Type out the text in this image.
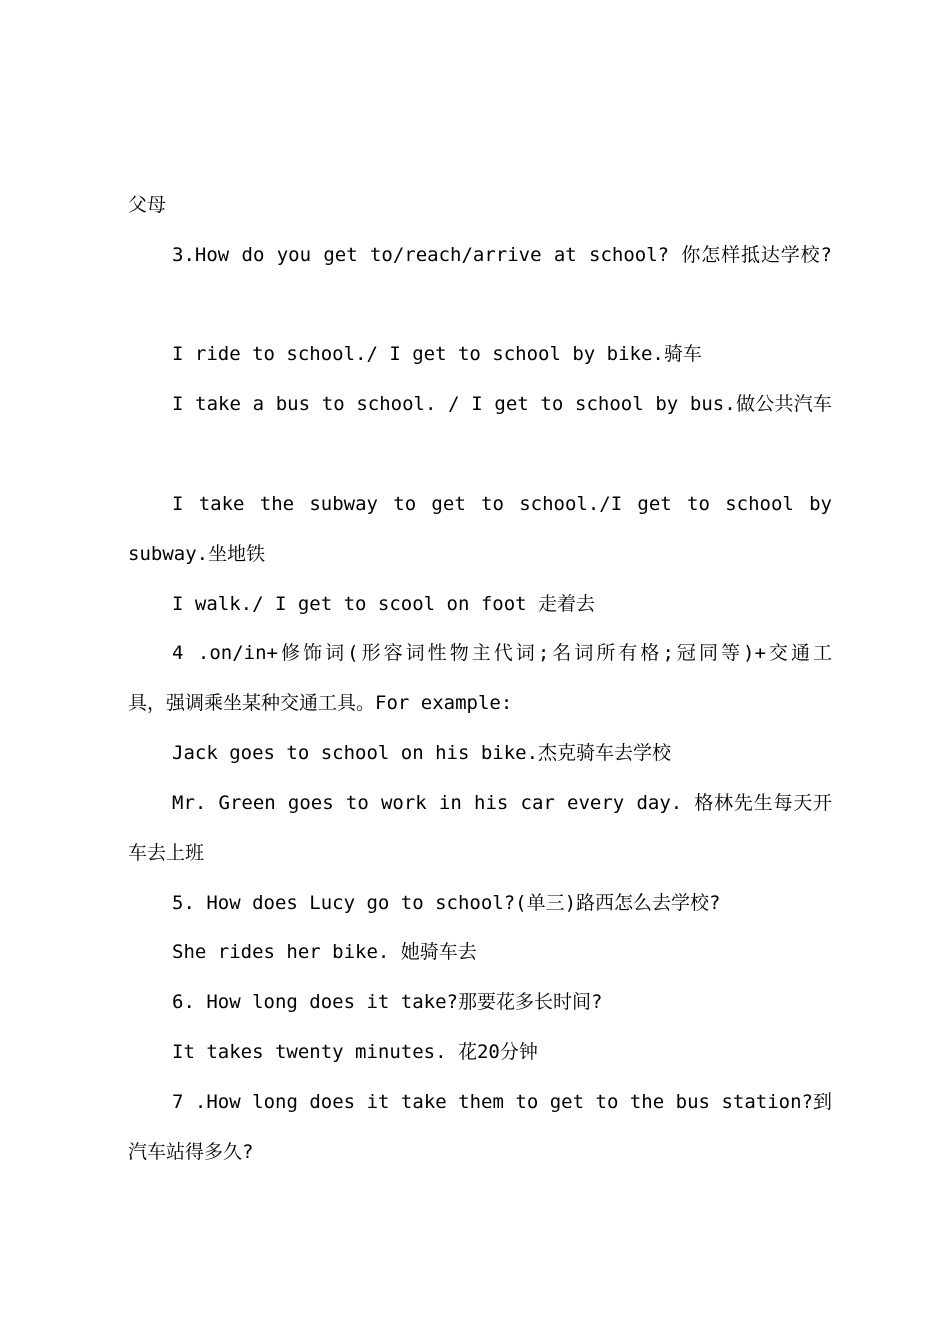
父母
3.How do you get to/reach/arrive at school? 你怎样抵达学校?
I ride to school./ I get to school by bike.骑车
I take a bus to school. / I get to school by bus.做公共汽车
I take the subway to get to school./I get to school by
subway.坐地铁
I walk./ I get to scool on foot 走着去
4 .on/in+修饰词(形容词性物主代词;名词所有格;冠同等)+交通工
具，强调乘坐某种交通工具。For example:
Jack goes to school on his bike.杰克骑车去学校
Mr. Green goes to work in his car every day. 格林先生每天开
车去上班
5. How does Lucy go to school?(单三)路西怎么去学校?
She rides her bike. 她骑车去
6. How long does it take?那要花多长时间?
It takes twenty minutes. 花20分钟
7 .How long does it take them to get to the bus station?到
汽车站得多久?
